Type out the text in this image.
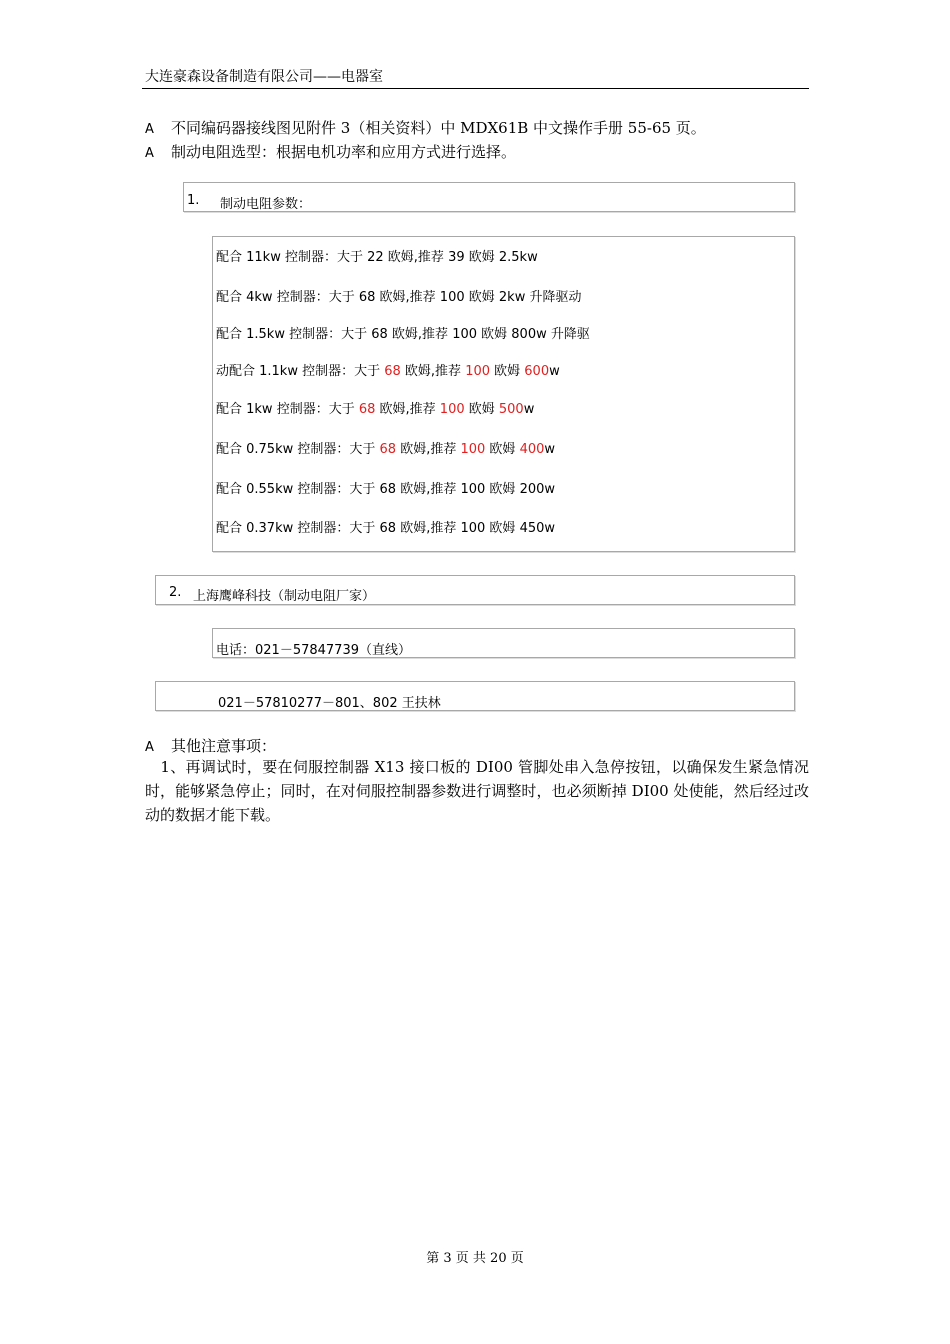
大连豪森设备制造有限公司——电器室
A 不同编码器接线图见附件 3（相关资料）中 MDX61B 中文操作手册 55-65 页。
A 制动电阻选型：根据电机功率和应用方式进行选择。
1. 制动电阻参数：
配合 11kw 控制器：大于 22 欧姆,推荐 39 欧姆 2.5kw
配合 4kw 控制器：大于 68 欧姆,推荐 100 欧姆 2kw 升降驱动
配合 1.5kw 控制器：大于 68 欧姆,推荐 100 欧姆 800w 升降驱
动配合 1.1kw 控制器：大于 68 欧姆,推荐 100 欧姆 600w
配合 1kw 控制器：大于 68 欧姆,推荐 100 欧姆 500w
配合 0.75kw 控制器：大于 68 欧姆,推荐 100 欧姆 400w
配合 0.55kw 控制器：大于 68 欧姆,推荐 100 欧姆 200w
配合 0.37kw 控制器：大于 68 欧姆,推荐 100 欧姆 450w
2. 上海鹰峰科技（制动电阻厂家）
电话：021－57847739（直线）
021－57810277－801、802 王扶林
A 其他注意事项：
　1、再调试时，要在伺服控制器 X13 接口板的 DI00 管脚处串入急停按钮，以确保发生紧急情况时，能够紧急停止；同时，在对伺服控制器参数进行调整时，也必须断掉 DI00 处使能，然后经过改动的数据才能下载。
第 3 页 共 20 页
